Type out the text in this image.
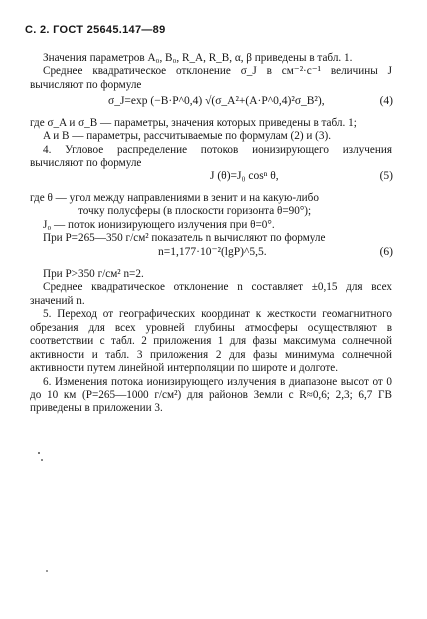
С. 2. ГОСТ 25645.147—89

Значения параметров A₀, B₀, R_A, R_B, α, β приведены в табл. 1.

Среднее квадратическое отклонение σ_J в см⁻²·с⁻¹ величины J вычисляют по формуле

σ_J=exp (−B·P^0,4) √(σ_A²+(A·P^0,4)²σ_B²),	(4)

где σ_A и σ_B — параметры, значения которых приведены в табл. 1;

A и B — параметры, рассчитываемые по формулам (2) и (3).

4. Угловое распределение потоков ионизирующего излучения вычисляют по формуле

J (θ)=J₀ cosⁿ θ,	(5)

где θ — угол между направлениями в зенит и на какую-либо

точку полусферы (в плоскости горизонта θ=90°);

J₀ — поток ионизирующего излучения при θ=0°.

При P=265—350 г/см² показатель n вычисляют по формуле

n=1,177·10⁻²(lgP)^5,5.	(6)

При P>350 г/см² n=2.

Среднее квадратическое отклонение n составляет ±0,15 для всех значений n.

5. Переход от географических координат к жесткости геомагнитного обрезания для всех уровней глубины атмосферы осуществляют в соответствии с табл. 2 приложения 1 для фазы максимума солнечной активности и табл. 3 приложения 2 для фазы минимума солнечной активности путем линейной интерполяции по широте и долготе.

6. Изменения потока ионизирующего излучения в диапазоне высот от 0 до 10 км (P=265—1000 г/см²) для районов Земли с R≈0,6; 2,3; 6,7 ГВ приведены в приложении 3.
